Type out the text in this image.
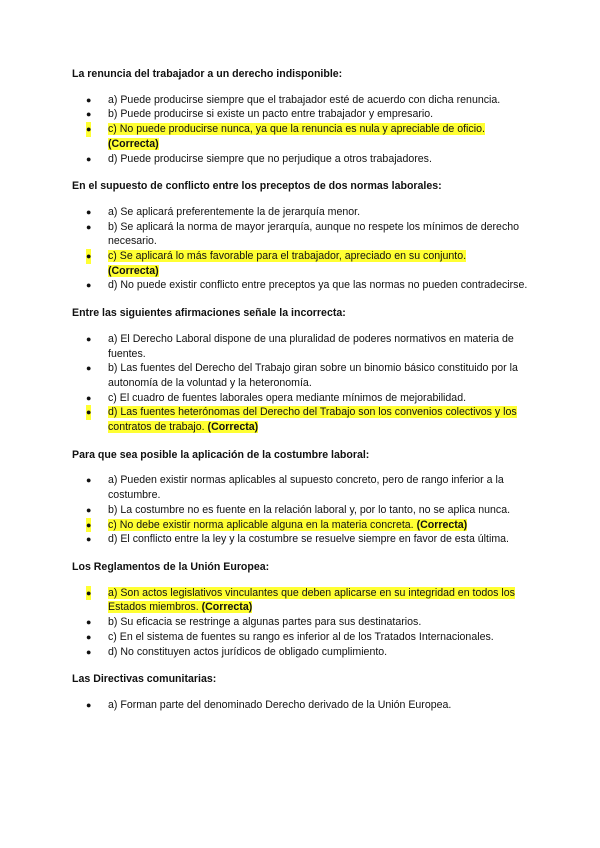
La renuncia del trabajador a un derecho indisponible:
● a) Puede producirse siempre que el trabajador esté de acuerdo con dicha renuncia.
● b) Puede producirse si existe un pacto entre trabajador y empresario.
● c) No puede producirse nunca, ya que la renuncia es nula y apreciable de oficio.
(Correcta)
● d) Puede producirse siempre que no perjudique a otros trabajadores.
En el supuesto de conflicto entre los preceptos de dos normas laborales:
● a) Se aplicará preferentemente la de jerarquía menor.
● b) Se aplicará la norma de mayor jerarquía, aunque no respete los mínimos de derecho necesario.
● c) Se aplicará lo más favorable para el trabajador, apreciado en su conjunto.
(Correcta)
● d) No puede existir conflicto entre preceptos ya que las normas no pueden contradecirse.
Entre las siguientes afirmaciones señale la incorrecta:
● a) El Derecho Laboral dispone de una pluralidad de poderes normativos en materia de fuentes.
● b) Las fuentes del Derecho del Trabajo giran sobre un binomio básico constituido por la autonomía de la voluntad y la heteronomía.
● c) El cuadro de fuentes laborales opera mediante mínimos de mejorabilidad.
● d) Las fuentes heterónomas del Derecho del Trabajo son los convenios colectivos y los contratos de trabajo. (Correcta)
Para que sea posible la aplicación de la costumbre laboral:
● a) Pueden existir normas aplicables al supuesto concreto, pero de rango inferior a la costumbre.
● b) La costumbre no es fuente en la relación laboral y, por lo tanto, no se aplica nunca.
● c) No debe existir norma aplicable alguna en la materia concreta. (Correcta)
● d) El conflicto entre la ley y la costumbre se resuelve siempre en favor de esta última.
Los Reglamentos de la Unión Europea:
● a) Son actos legislativos vinculantes que deben aplicarse en su integridad en todos los Estados miembros. (Correcta)
● b) Su eficacia se restringe a algunas partes para sus destinatarios.
● c) En el sistema de fuentes su rango es inferior al de los Tratados Internacionales.
● d) No constituyen actos jurídicos de obligado cumplimiento.
Las Directivas comunitarias:
● a) Forman parte del denominado Derecho derivado de la Unión Europea.
